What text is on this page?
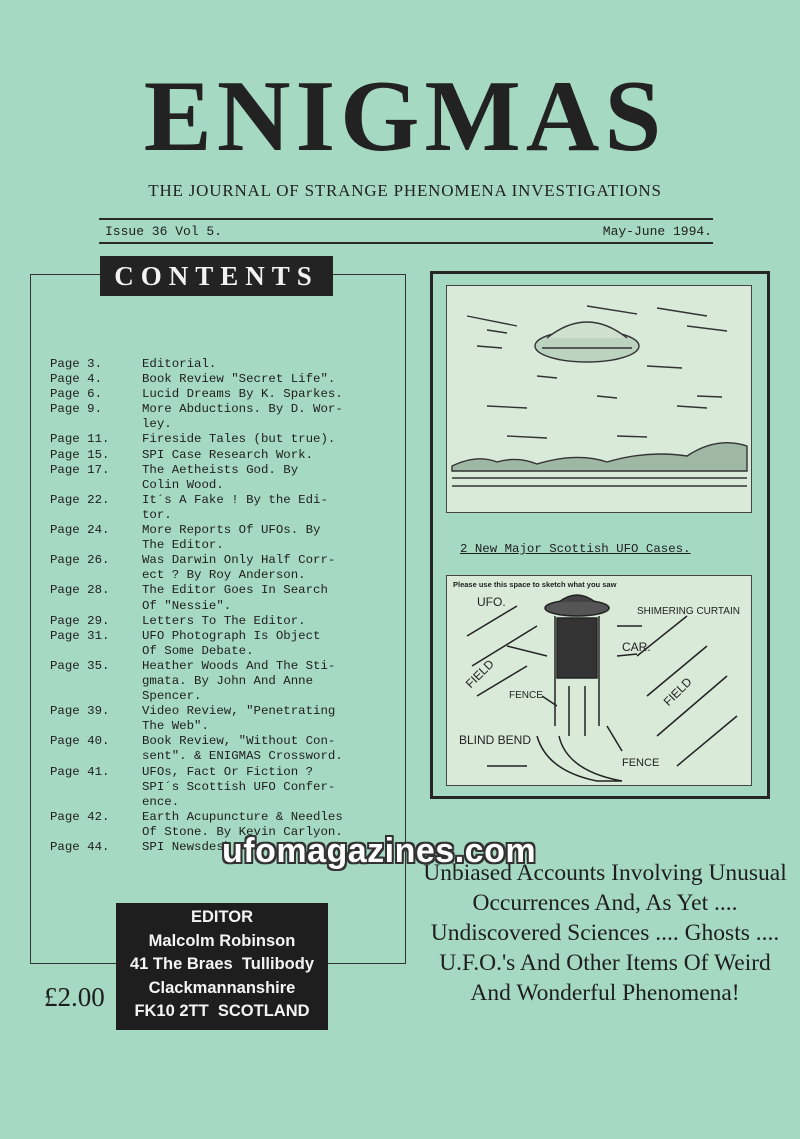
ENIGMAS
THE JOURNAL OF STRANGE PHENOMENA INVESTIGATIONS
Issue 36 Vol 5.	May-June 1994.
CONTENTS
Page 3.	Editorial.
Page 4.	Book Review "Secret Life".
Page 6.	Lucid Dreams By K. Sparkes.
Page 9.	More Abductions. By D. Wor-
ley.
Page 11.	Fireside Tales (but true).
Page 15.	SPI Case Research Work.
Page 17.	The Aetheists God. By
Colin Wood.
Page 22.	It´s A Fake ! By the Edi-
tor.
Page 24.	More Reports Of UFOs. By
The Editor.
Page 26.	Was Darwin Only Half Corr-
ect ? By Roy Anderson.
Page 28.	The Editor Goes In Search
Of "Nessie".
Page 29.	Letters To The Editor.
Page 31.	UFO Photograph Is Object
Of Some Debate.
Page 35.	Heather Woods And The Sti-
gmata. By John And Anne
Spencer.
Page 39.	Video Review, "Penetrating
The Web".
Page 40.	Book Review, "Without Con-
sent". & ENIGMAS Crossword.
Page 41.	UFOs, Fact Or Fiction ?
SPI´s Scottish UFO Confer-
ence.
Page 42.	Earth Acupuncture & Needles
Of Stone. By Kevin Carlyon.
Page 44.	SPI Newsdesk.
EDITOR
Malcolm Robinson
41 The Braes  Tullibody
Clackmannanshire
FK10 2TT  SCOTLAND
£2.00
2 New Major Scottish UFO Cases.
Please use this space to sketch what you saw
UFO.
SHIMERING CURTAIN
CAR.
FIELD
FIELD
FENCE
BLIND BEND
FENCE
Unbiased Accounts Involving Unusual Occurrences And, As Yet .... Undiscovered Sciences .... Ghosts .... U.F.O.'s And Other Items Of Weird And Wonderful Phenomena!
ufomagazines.com
